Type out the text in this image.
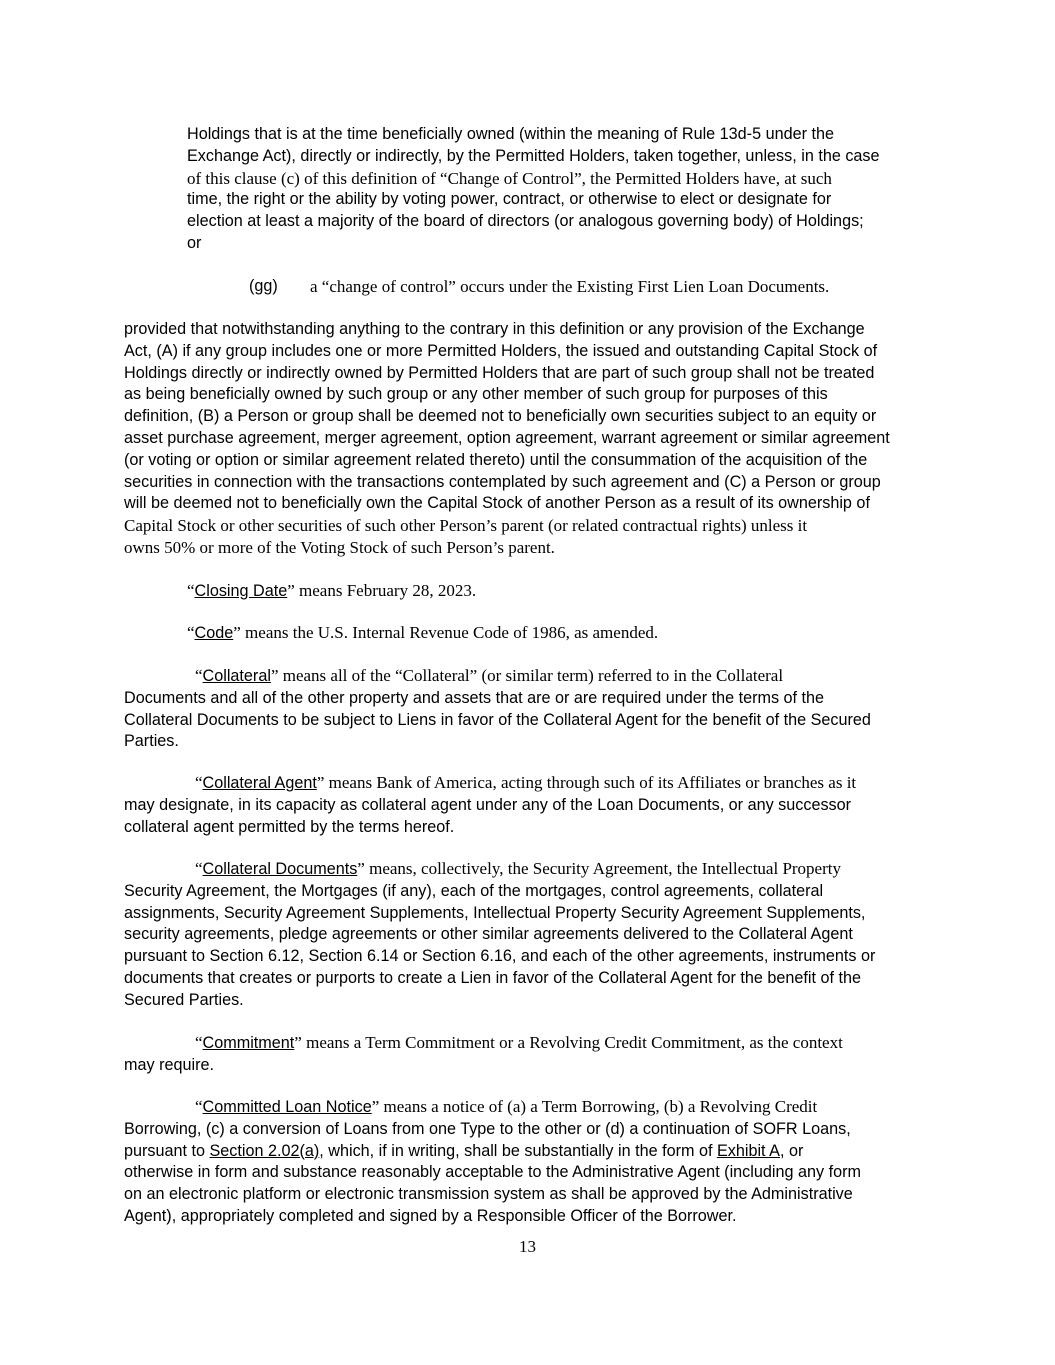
Holdings that is at the time beneficially owned (within the meaning of Rule 13d-5 under the
Exchange Act), directly or indirectly, by the Permitted Holders, taken together, unless, in the case
of this clause (c) of this definition of “Change of Control”, the Permitted Holders have, at such
time, the right or the ability by voting power, contract, or otherwise to elect or designate for
election at least a majority of the board of directors (or analogous governing body) of Holdings;
or
(gg) a “change of control” occurs under the Existing First Lien Loan Documents.
provided that notwithstanding anything to the contrary in this definition or any provision of the Exchange
Act, (A) if any group includes one or more Permitted Holders, the issued and outstanding Capital Stock of
Holdings directly or indirectly owned by Permitted Holders that are part of such group shall not be treated
as being beneficially owned by such group or any other member of such group for purposes of this
definition, (B) a Person or group shall be deemed not to beneficially own securities subject to an equity or
asset purchase agreement, merger agreement, option agreement, warrant agreement or similar agreement
(or voting or option or similar agreement related thereto) until the consummation of the acquisition of the
securities in connection with the transactions contemplated by such agreement and (C) a Person or group
will be deemed not to beneficially own the Capital Stock of another Person as a result of its ownership of
Capital Stock or other securities of such other Person’s parent (or related contractual rights) unless it
owns 50% or more of the Voting Stock of such Person’s parent.
“Closing Date” means February 28, 2023.
“Code” means the U.S. Internal Revenue Code of 1986, as amended.
“Collateral” means all of the “Collateral” (or similar term) referred to in the Collateral
Documents and all of the other property and assets that are or are required under the terms of the
Collateral Documents to be subject to Liens in favor of the Collateral Agent for the benefit of the Secured
Parties.
“Collateral Agent” means Bank of America, acting through such of its Affiliates or branches as it
may designate, in its capacity as collateral agent under any of the Loan Documents, or any successor
collateral agent permitted by the terms hereof.
“Collateral Documents” means, collectively, the Security Agreement, the Intellectual Property
Security Agreement, the Mortgages (if any), each of the mortgages, control agreements, collateral
assignments, Security Agreement Supplements, Intellectual Property Security Agreement Supplements,
security agreements, pledge agreements or other similar agreements delivered to the Collateral Agent
pursuant to Section 6.12, Section 6.14 or Section 6.16, and each of the other agreements, instruments or
documents that creates or purports to create a Lien in favor of the Collateral Agent for the benefit of the
Secured Parties.
“Commitment” means a Term Commitment or a Revolving Credit Commitment, as the context
may require.
“Committed Loan Notice” means a notice of (a) a Term Borrowing, (b) a Revolving Credit
Borrowing, (c) a conversion of Loans from one Type to the other or (d) a continuation of SOFR Loans,
pursuant to Section 2.02(a), which, if in writing, shall be substantially in the form of Exhibit A, or
otherwise in form and substance reasonably acceptable to the Administrative Agent (including any form
on an electronic platform or electronic transmission system as shall be approved by the Administrative
Agent), appropriately completed and signed by a Responsible Officer of the Borrower.
13
